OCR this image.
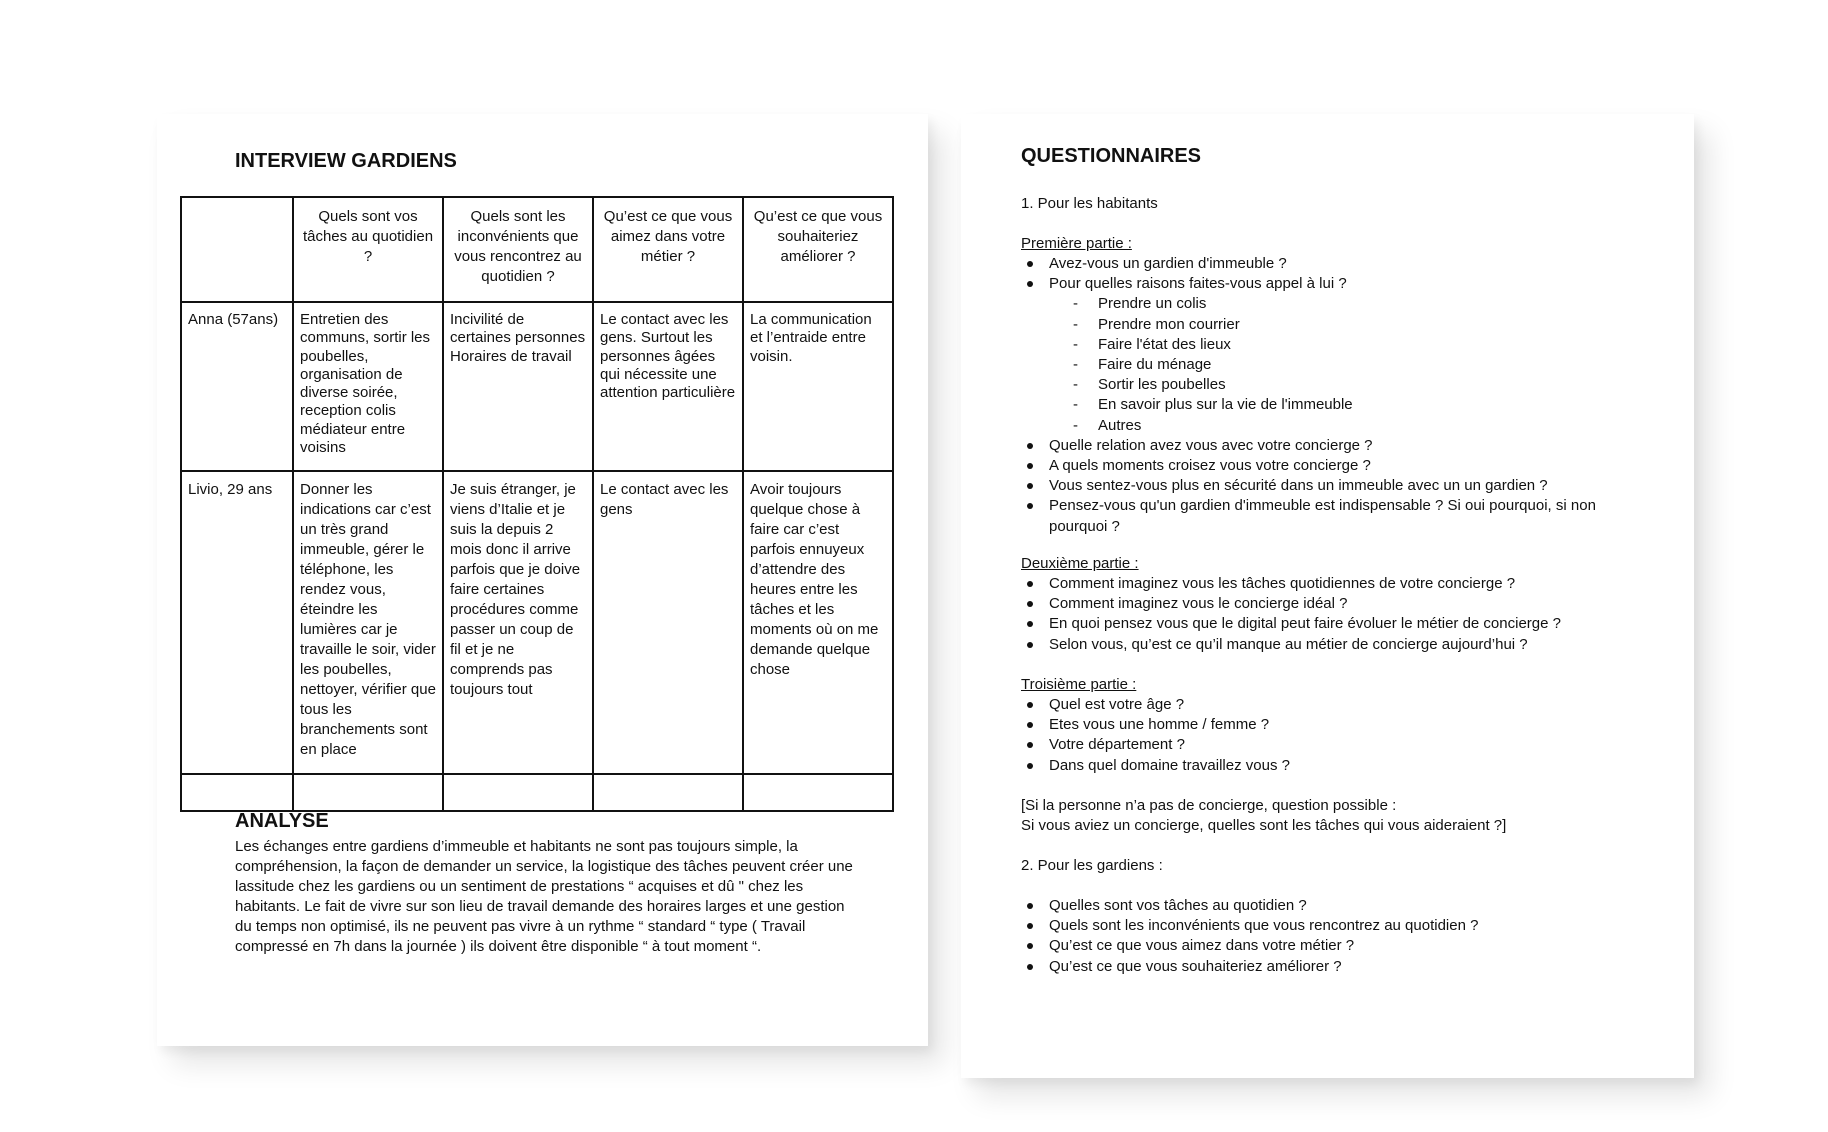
INTERVIEW GARDIENS
	Quels sont vos tâches au quotidien ?	Quels sont les inconvénients que vous rencontrez au quotidien ?	Qu’est ce que vous aimez dans votre métier ?	Qu’est ce que vous souhaiteriez améliorer ?
Anna (57ans)	Entretien des communs, sortir les poubelles, organisation de diverse soirée, reception colis médiateur entre voisins	Incivilité de certaines personnes Horaires de travail	Le contact avec les gens. Surtout les personnes âgées qui nécessite une attention particulière	La communication et l’entraide entre voisin.
Livio, 29 ans	Donner les indications car c’est un très grand immeuble, gérer le téléphone, les rendez vous, éteindre les lumières car je travaille le soir, vider les poubelles, nettoyer, vérifier que tous les branchements sont en place	Je suis étranger, je viens d’Italie et je suis la depuis 2 mois donc il arrive parfois que je doive faire certaines procédures comme passer un coup de fil et je ne comprends pas toujours tout	Le contact avec les gens	Avoir toujours quelque chose à faire car c’est parfois ennuyeux d’attendre des heures entre les tâches et les moments où on me demande quelque chose

ANALYSE

Les échanges entre gardiens d’immeuble et habitants ne sont pas toujours simple, la compréhension, la façon de demander un service, la logistique des tâches peuvent créer une lassitude chez les gardiens ou un sentiment de prestations “ acquises et dû " chez les habitants. Le fait de vivre sur son lieu de travail demande des horaires larges et une gestion du temps non optimisé, ils ne peuvent pas vivre à un rythme “ standard “ type ( Travail compressé en 7h dans la journée ) ils doivent être disponible “ à tout moment “.

QUESTIONNAIRES
1. Pour les habitants
Première partie :
Avez-vous un gardien d'immeuble ?
Pour quelles raisons faites-vous appel à lui ?
- Prendre un colis
- Prendre mon courrier
- Faire l'état des lieux
- Faire du ménage
- Sortir les poubelles
- En savoir plus sur la vie de l'immeuble
- Autres
Quelle relation avez vous avec votre concierge ?
A quels moments croisez vous votre concierge ?
Vous sentez-vous plus en sécurité dans un immeuble avec un un gardien ?
Pensez-vous qu'un gardien d'immeuble est indispensable ? Si oui pourquoi, si non pourquoi ?
Deuxième partie :
Comment imaginez vous les tâches quotidiennes de votre concierge ?
Comment imaginez vous le concierge idéal ?
En quoi pensez vous que le digital peut faire évoluer le métier de concierge ?
Selon vous, qu’est ce qu’il manque au métier de concierge aujourd’hui ?
Troisième partie :
Quel est votre âge ?
Etes vous une homme / femme ?
Votre département ?
Dans quel domaine travaillez vous ?
[Si la personne n’a pas de concierge, question possible :
Si vous aviez un concierge, quelles sont les tâches qui vous aideraient ?]
2. Pour les gardiens :
Quelles sont vos tâches au quotidien ?
Quels sont les inconvénients que vous rencontrez au quotidien ?
Qu’est ce que vous aimez dans votre métier ?
Qu’est ce que vous souhaiteriez améliorer ?
